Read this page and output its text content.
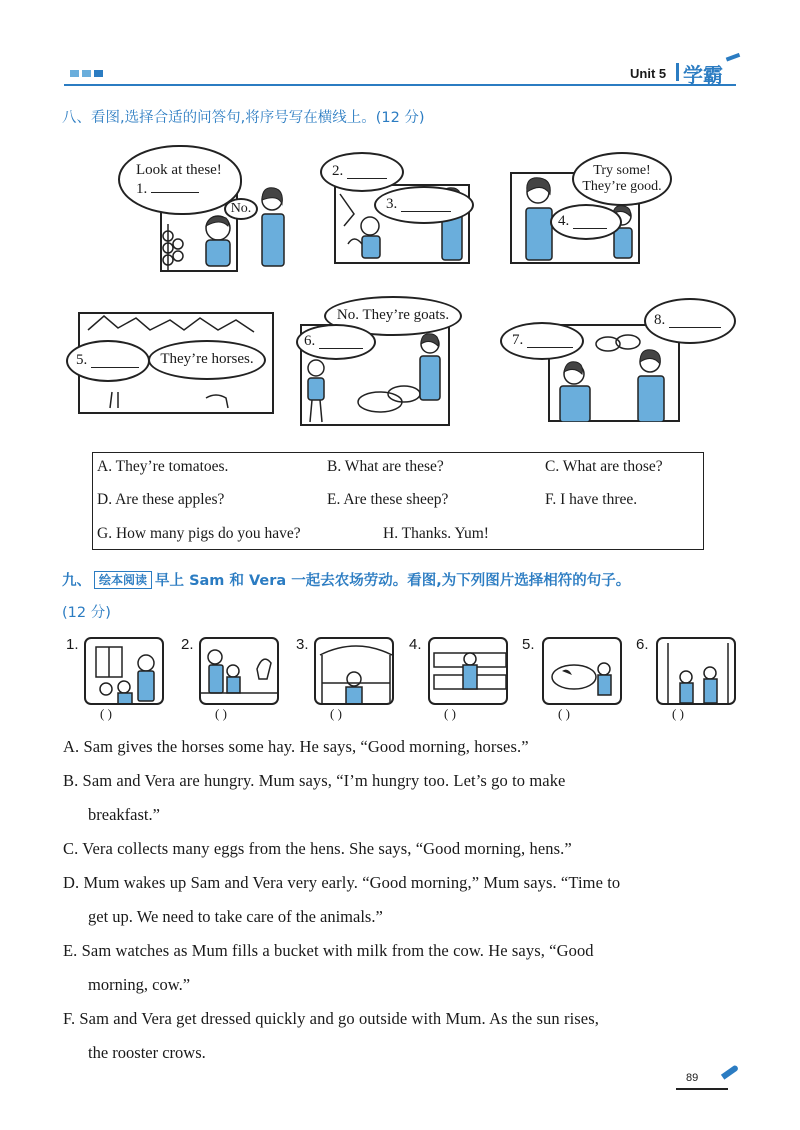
Unit 5 学霸
八、看图,选择合适的问答句,将序号写在横线上。(12 分)
Look at these!
1.
No.
2.

3.

Try some!
They’re good.
4.

5.
	They’re horses.
No. They’re goats.
6.
	7.

8.

A. They’re tomatoes.	B. What are these?	C. What are those?
D. Are these apples?	E. Are these sheep?	F. I have three.
G. How many pigs do you have?	H. Thanks. Yum!
九、 绘本阅读 早上 Sam 和 Vera 一起去农场劳动。看图,为下列图片选择相符的句子。
(12 分)
1.	2.	3.	4.	5.	6.
( )	( )	( )	( )	( )	( )
A. Sam gives the horses some hay. He says, “Good morning, horses.”
B. Sam and Vera are hungry. Mum says, “I’m hungry too. Let’s go to make
breakfast.”
C. Vera collects many eggs from the hens. She says, “Good morning, hens.”
D. Mum wakes up Sam and Vera very early. “Good morning,” Mum says. “Time to
get up. We need to take care of the animals.”
E. Sam watches as Mum fills a bucket with milk from the cow. He says, “Good
morning, cow.”
F. Sam and Vera get dressed quickly and go outside with Mum. As the sun rises,
the rooster crows.
89
